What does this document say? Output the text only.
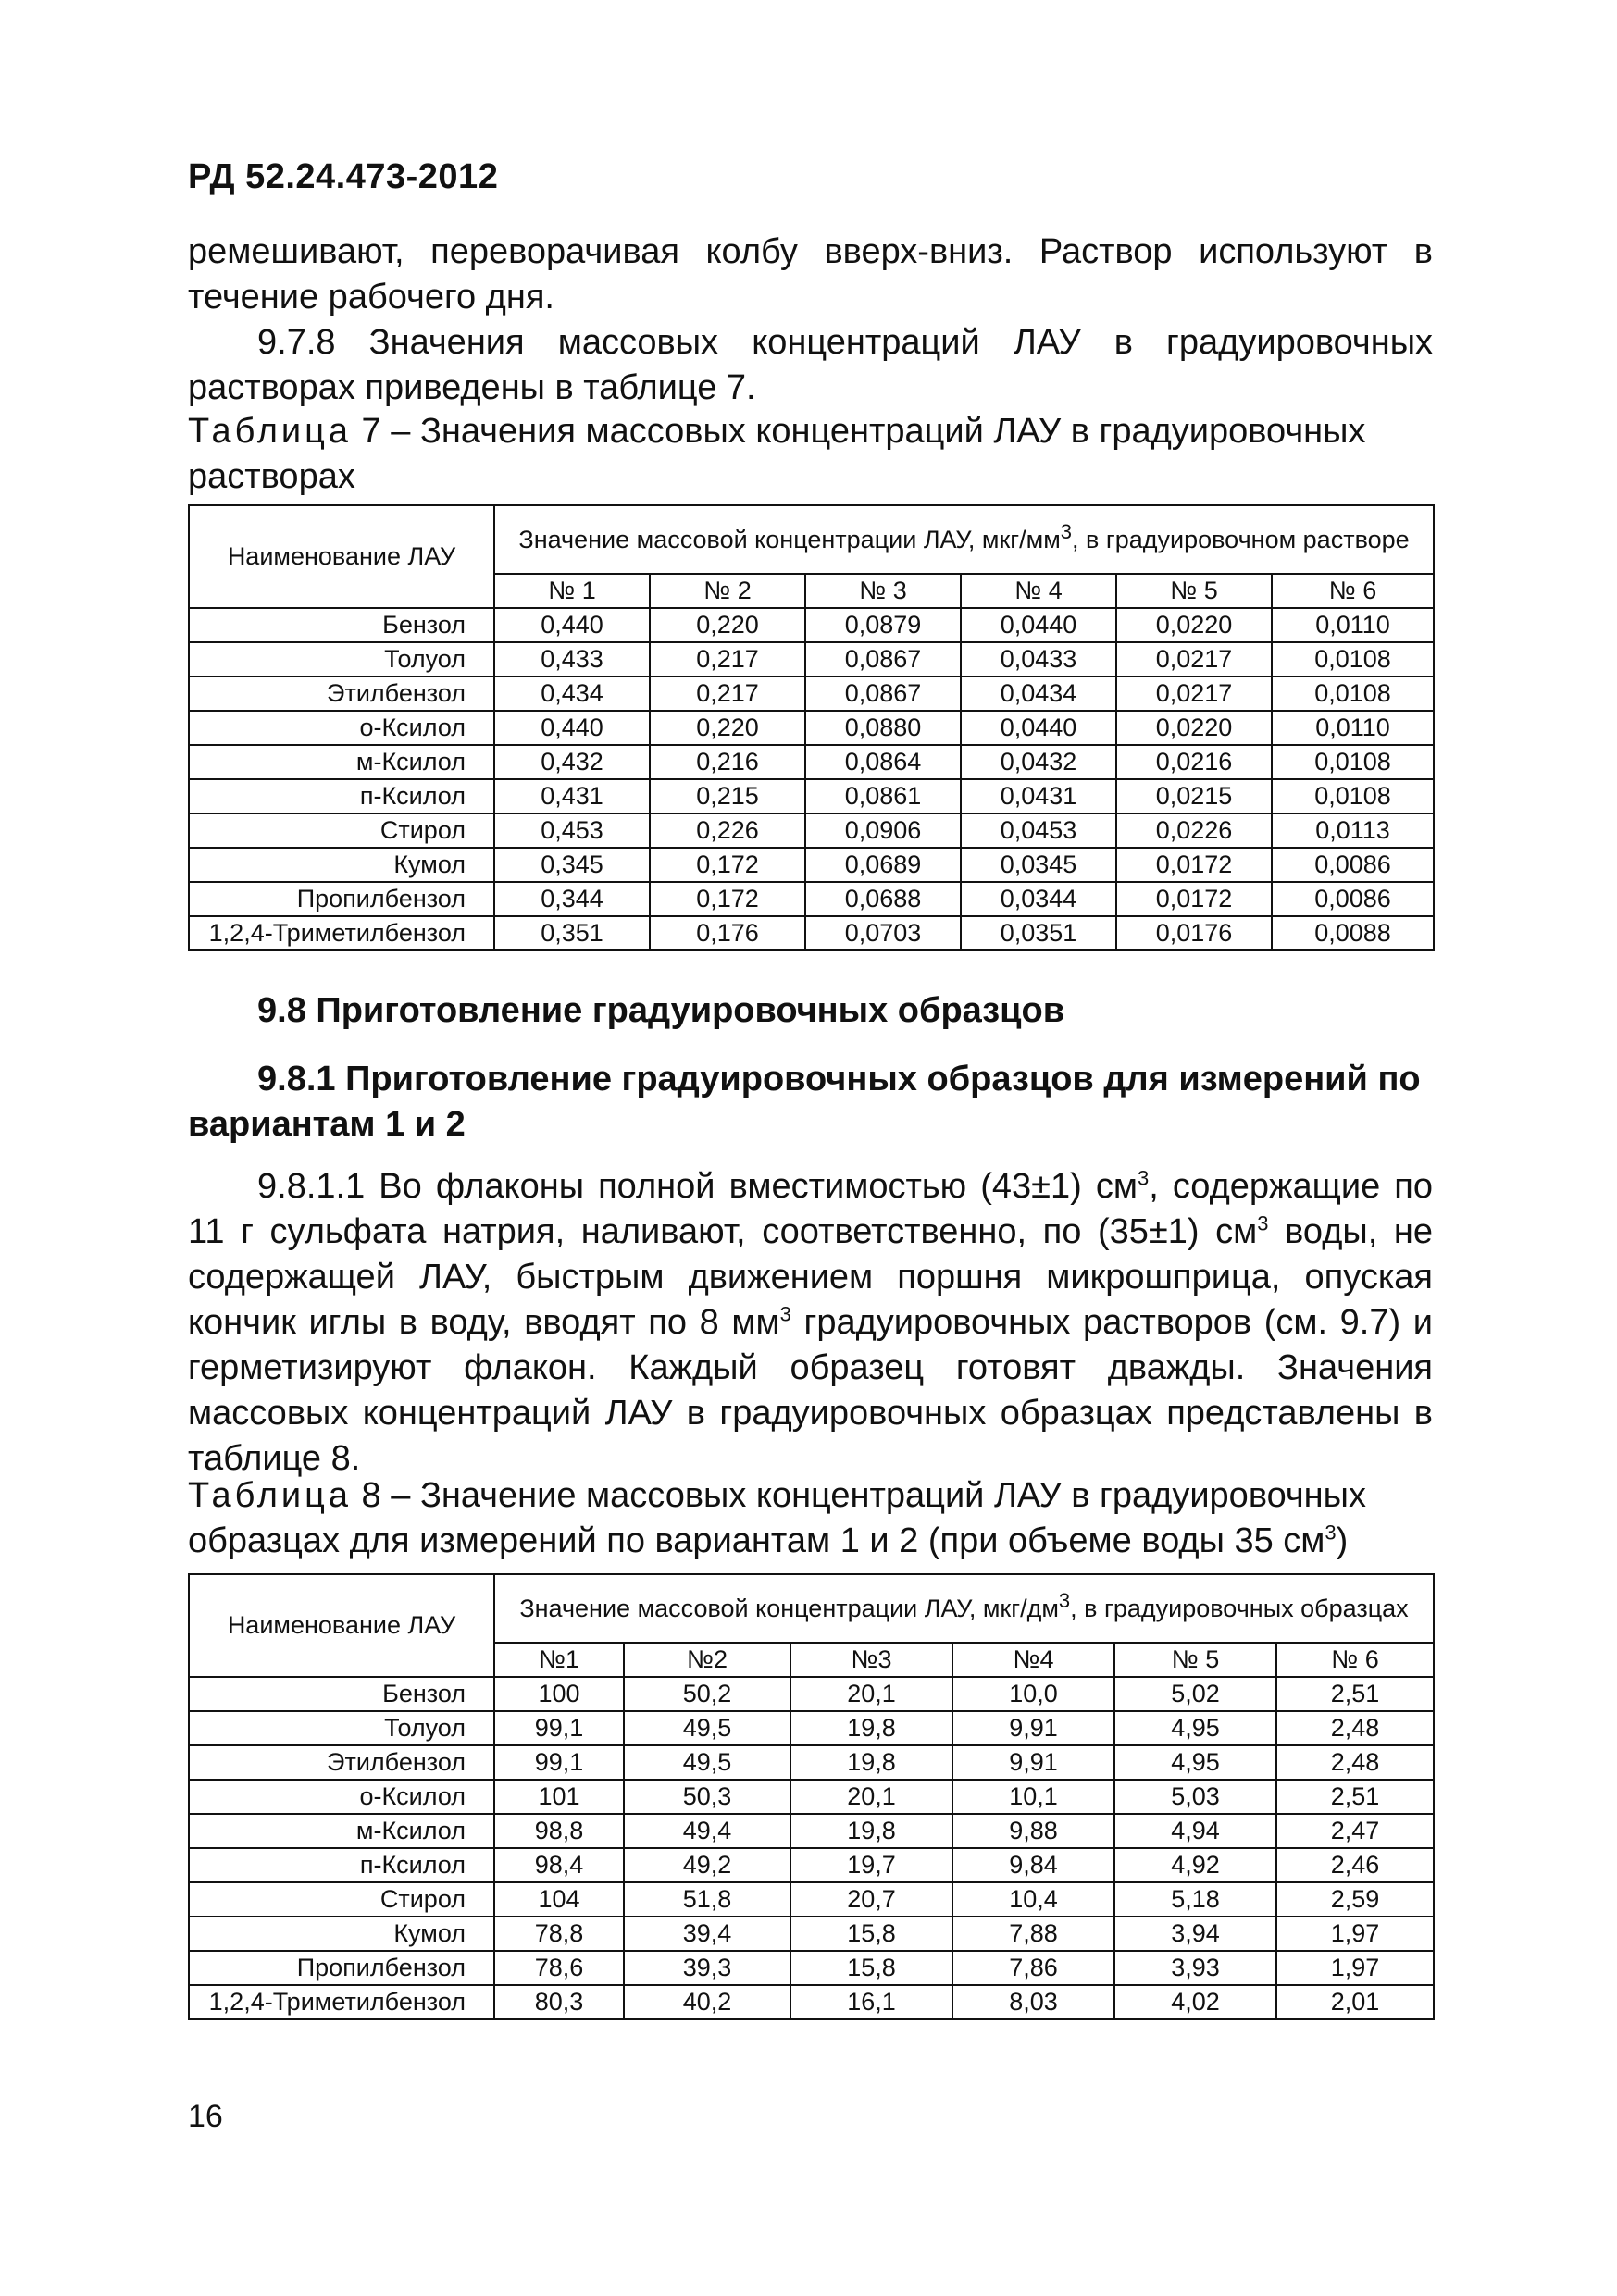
РД 52.24.473-2012

ремешивают, переворачивая колбу вверх-вниз. Раствор используют в течение рабочего дня.

9.7.8 Значения массовых концентраций ЛАУ в градуировочных растворах приведены в таблице 7.

Таблица 7 – Значения массовых концентраций ЛАУ в градуировочных растворах
Наименование ЛАУ	Значение массовой концентрации ЛАУ, мкг/$мм^3$, в градуировочном растворе					
	№ 1	№ 2	№ 3	№ 4	№ 5	№ 6
Бензол	0,440	0,220	0,0879	0,0440	0,0220	0,0110
Толуол	0,433	0,217	0,0867	0,0433	0,0217	0,0108
Этилбензол	0,434	0,217	0,0867	0,0434	0,0217	0,0108
о-Ксилол	0,440	0,220	0,0880	0,0440	0,0220	0,0110
м-Ксилол	0,432	0,216	0,0864	0,0432	0,0216	0,0108
п-Ксилол	0,431	0,215	0,0861	0,0431	0,0215	0,0108
Стирол	0,453	0,226	0,0906	0,0453	0,0226	0,0113
Кумол	0,345	0,172	0,0689	0,0345	0,0172	0,0086
Пропилбензол	0,344	0,172	0,0688	0,0344	0,0172	0,0086
1,2,4-Триметилбензол	0,351	0,176	0,0703	0,0351	0,0176	0,0088
9.8 Приготовление градуировочных образцов
9.8.1 Приготовление градуировочных образцов для измерений по вариантам 1 и 2
9.8.1.1 Во флаконы полной вместимостью (43±1) $см^3$, содержащие по 11 г сульфата натрия, наливают, соответственно, по (35±1) $см^3$ воды, не содержащей ЛАУ, быстрым движением поршня микрошприца, опуская кончик иглы в воду, вводят по 8 $мм^3$ градуировочных растворов (см. 9.7) и герметизируют флакон. Каждый образец готовят дважды. Значения массовых концентраций ЛАУ в градуировочных образцах представлены в таблице 8.
Таблица 8 – Значение массовых концентраций ЛАУ в градуировочных образцах для измерений по вариантам 1 и 2 (при объеме воды 35 $см^3$)
Наименование ЛАУ	Значение массовой концентрации ЛАУ, мкг/$дм^3$, в градуировочных образцах					
	№1	№2	№3	№4	№ 5	№ 6
Бензол	100	50,2	20,1	10,0	5,02	2,51
Толуол	99,1	49,5	19,8	9,91	4,95	2,48
Этилбензол	99,1	49,5	19,8	9,91	4,95	2,48
о-Ксилол	101	50,3	20,1	10,1	5,03	2,51
м-Ксилол	98,8	49,4	19,8	9,88	4,94	2,47
п-Ксилол	98,4	49,2	19,7	9,84	4,92	2,46
Стирол	104	51,8	20,7	10,4	5,18	2,59
Кумол	78,8	39,4	15,8	7,88	3,94	1,97
Пропилбензол	78,6	39,3	15,8	7,86	3,93	1,97
1,2,4-Триметилбензол	80,3	40,2	16,1	8,03	4,02	2,01
16
